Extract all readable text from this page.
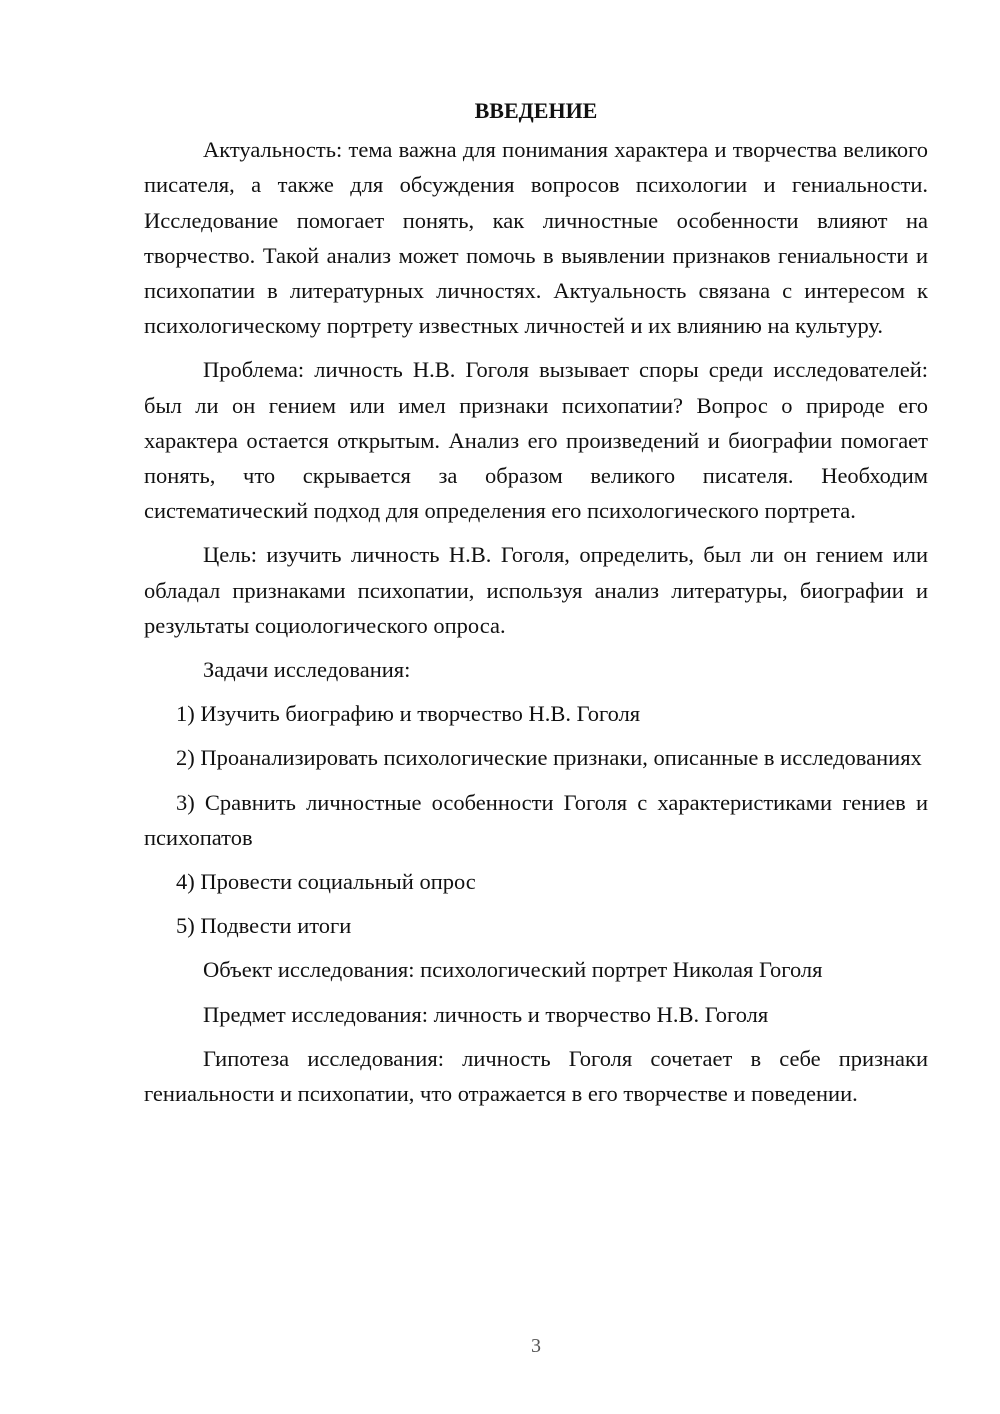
ВВЕДЕНИЕ

Актуальность: тема важна для понимания характера и творчества великого писателя, а также для обсуждения вопросов психологии и гениальности. Исследование помогает понять, как личностные особенности влияют на творчество. Такой анализ может помочь в выявлении признаков гениальности и психопатии в литературных личностях. Актуальность связана с интересом к психологическому портрету известных личностей и их влиянию на культуру.

Проблема: личность Н.В. Гоголя вызывает споры среди исследователей: был ли он гением или имел признаки психопатии? Вопрос о природе его характера остается открытым. Анализ его произведений и биографии помогает понять, что скрывается за образом великого писателя. Необходим систематический подход для определения его психологического портрета.

Цель: изучить личность Н.В. Гоголя, определить, был ли он гением или обладал признаками психопатии, используя анализ литературы, биографии и результаты социологического опроса.

Задачи исследования:

1) Изучить биографию и творчество Н.В. Гоголя

2) Проанализировать психологические признаки, описанные в исследованиях

3) Сравнить личностные особенности Гоголя с характеристиками гениев и психопатов

4) Провести социальный опрос

5) Подвести итоги

Объект исследования: психологический портрет Николая Гоголя

Предмет исследования: личность и творчество Н.В. Гоголя

Гипотеза исследования: личность Гоголя сочетает в себе признаки гениальности и психопатии, что отражается в его творчестве и поведении.

3
